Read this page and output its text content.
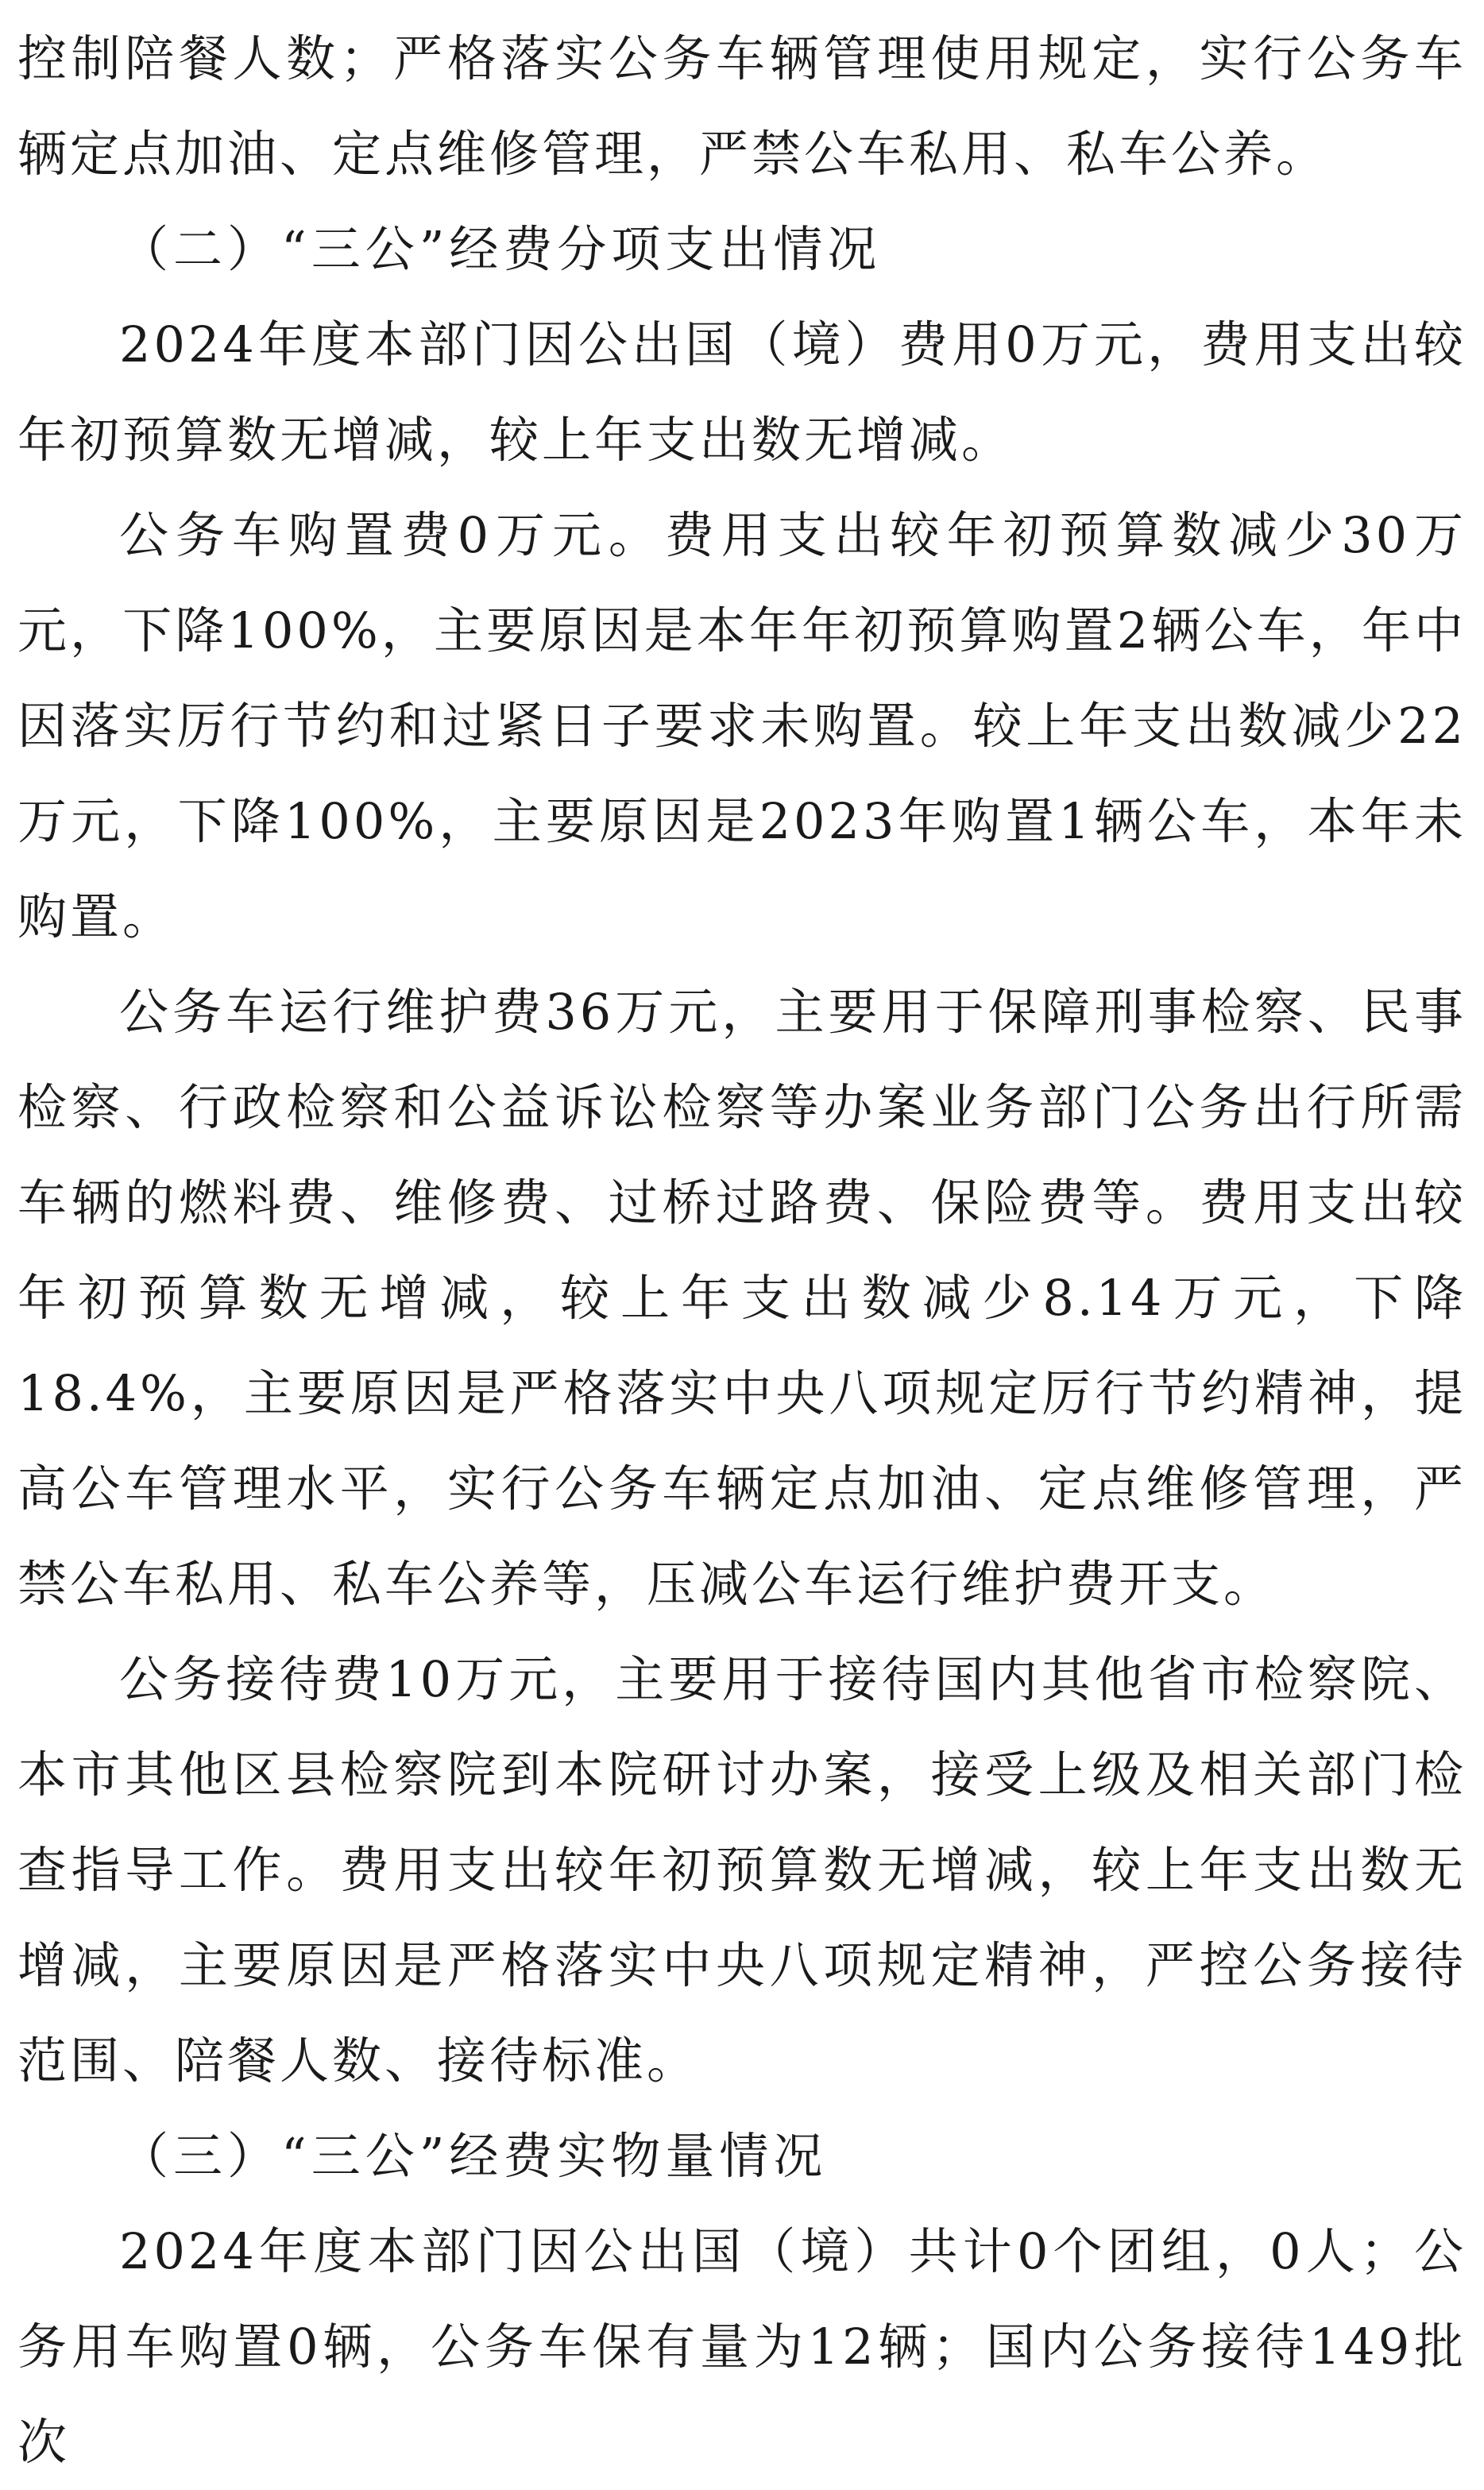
控制陪餐人数；严格落实公务车辆管理使用规定，实行公务车辆定点加油、定点维修管理，严禁公车私用、私车公养。

（二）“三公”经费分项支出情况

2024年度本部门因公出国（境）费用0万元，费用支出较年初预算数无增减，较上年支出数无增减。

公务车购置费0万元。费用支出较年初预算数减少30万元，下降100%，主要原因是本年年初预算购置2辆公车，年中因落实厉行节约和过紧日子要求未购置。较上年支出数减少22万元，下降100%，主要原因是2023年购置1辆公车，本年未购置。

公务车运行维护费36万元，主要用于保障刑事检察、民事检察、行政检察和公益诉讼检察等办案业务部门公务出行所需车辆的燃料费、维修费、过桥过路费、保险费等。费用支出较年初预算数无增减，较上年支出数减少8.14万元，下降18.4%，主要原因是严格落实中央八项规定厉行节约精神，提高公车管理水平，实行公务车辆定点加油、定点维修管理，严禁公车私用、私车公养等，压减公车运行维护费开支。

公务接待费10万元，主要用于接待国内其他省市检察院、本市其他区县检察院到本院研讨办案，接受上级及相关部门检查指导工作。费用支出较年初预算数无增减，较上年支出数无增减，主要原因是严格落实中央八项规定精神，严控公务接待范围、陪餐人数、接待标准。

（三）“三公”经费实物量情况

2024年度本部门因公出国（境）共计0个团组，0人；公务用车购置0辆，公务车保有量为12辆；国内公务接待149批次
